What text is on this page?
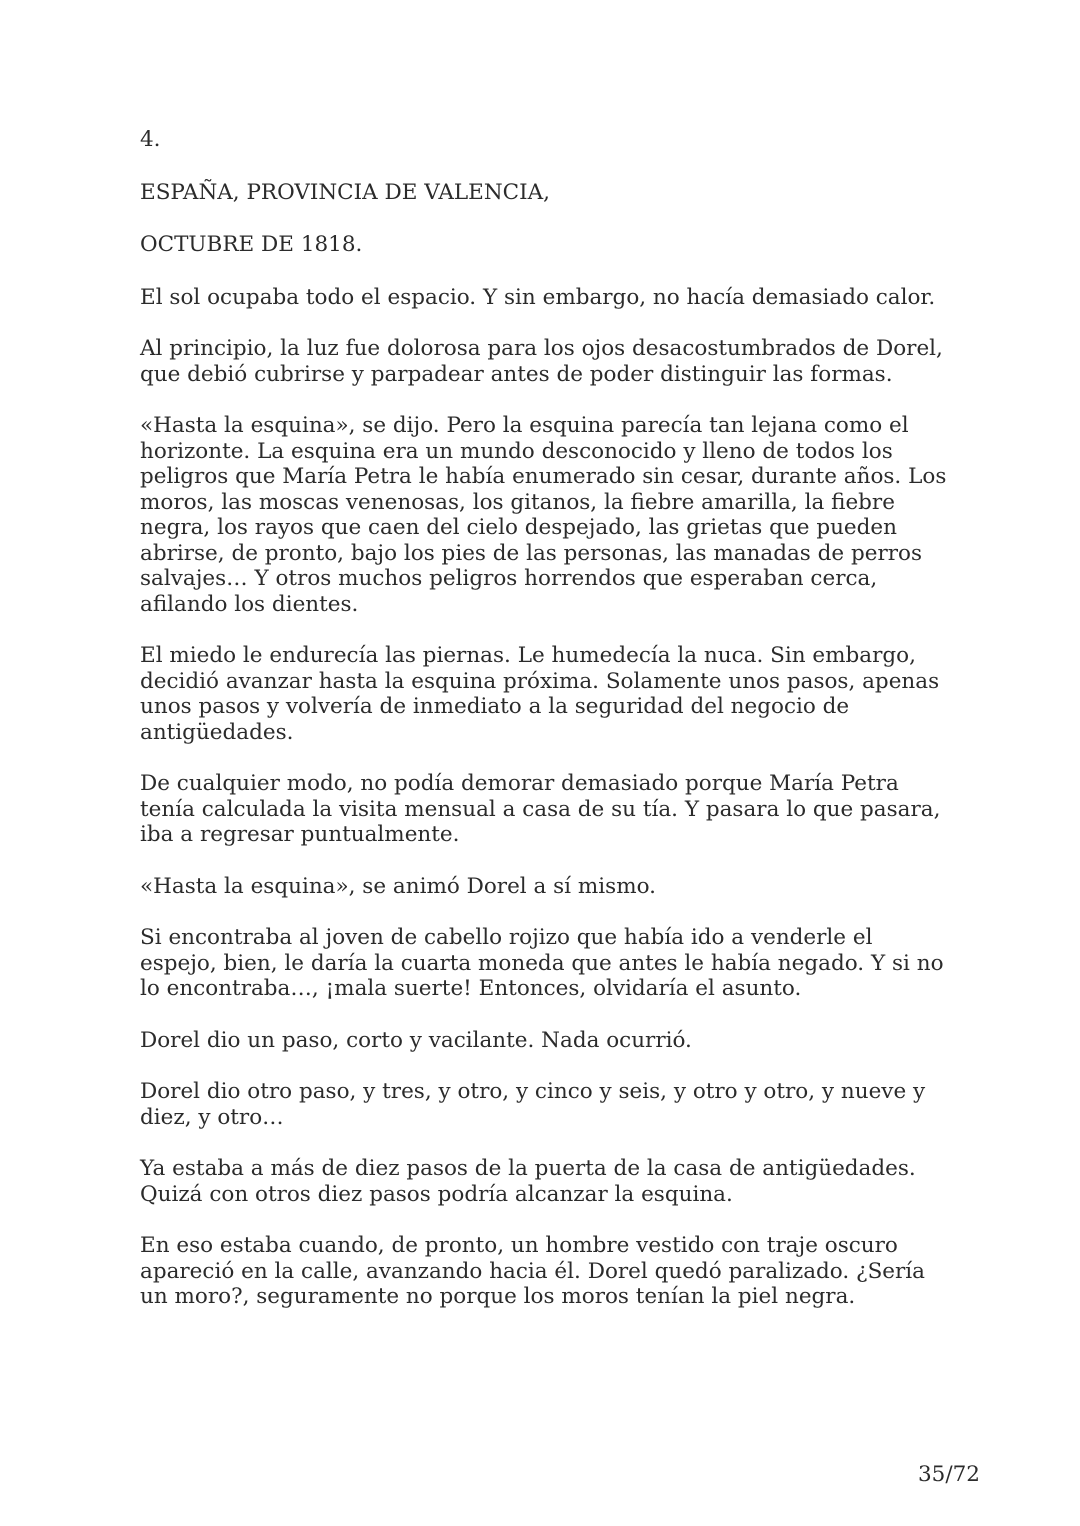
4.

ESPAÑA, PROVINCIA DE VALENCIA,

OCTUBRE DE 1818.

El sol ocupaba todo el espacio. Y sin embargo, no hacía demasiado calor.

Al principio, la luz fue dolorosa para los ojos desacostumbrados de Dorel, que debió cubrirse y parpadear antes de poder distinguir las formas.

«Hasta la esquina», se dijo. Pero la esquina parecía tan lejana como el horizonte. La esquina era un mundo desconocido y lleno de todos los peligros que María Petra le había enumerado sin cesar, durante años. Los moros, las moscas venenosas, los gitanos, la fiebre amarilla, la fiebre negra, los rayos que caen del cielo despejado, las grietas que pueden abrirse, de pronto, bajo los pies de las personas, las manadas de perros salvajes… Y otros muchos peligros horrendos que esperaban cerca, afilando los dientes.

El miedo le endurecía las piernas. Le humedecía la nuca. Sin embargo, decidió avanzar hasta la esquina próxima. Solamente unos pasos, apenas unos pasos y volvería de inmediato a la seguridad del negocio de antigüedades.

De cualquier modo, no podía demorar demasiado porque María Petra tenía calculada la visita mensual a casa de su tía. Y pasara lo que pasara, iba a regresar puntualmente.

«Hasta la esquina», se animó Dorel a sí mismo.

Si encontraba al joven de cabello rojizo que había ido a venderle el espejo, bien, le daría la cuarta moneda que antes le había negado. Y si no lo encontraba…, ¡mala suerte! Entonces, olvidaría el asunto.

Dorel dio un paso, corto y vacilante. Nada ocurrió.

Dorel dio otro paso, y tres, y otro, y cinco y seis, y otro y otro, y nueve y diez, y otro…

Ya estaba a más de diez pasos de la puerta de la casa de antigüedades. Quizá con otros diez pasos podría alcanzar la esquina.

En eso estaba cuando, de pronto, un hombre vestido con traje oscuro apareció en la calle, avanzando hacia él. Dorel quedó paralizado. ¿Sería un moro?, seguramente no porque los moros tenían la piel negra.

35/72
